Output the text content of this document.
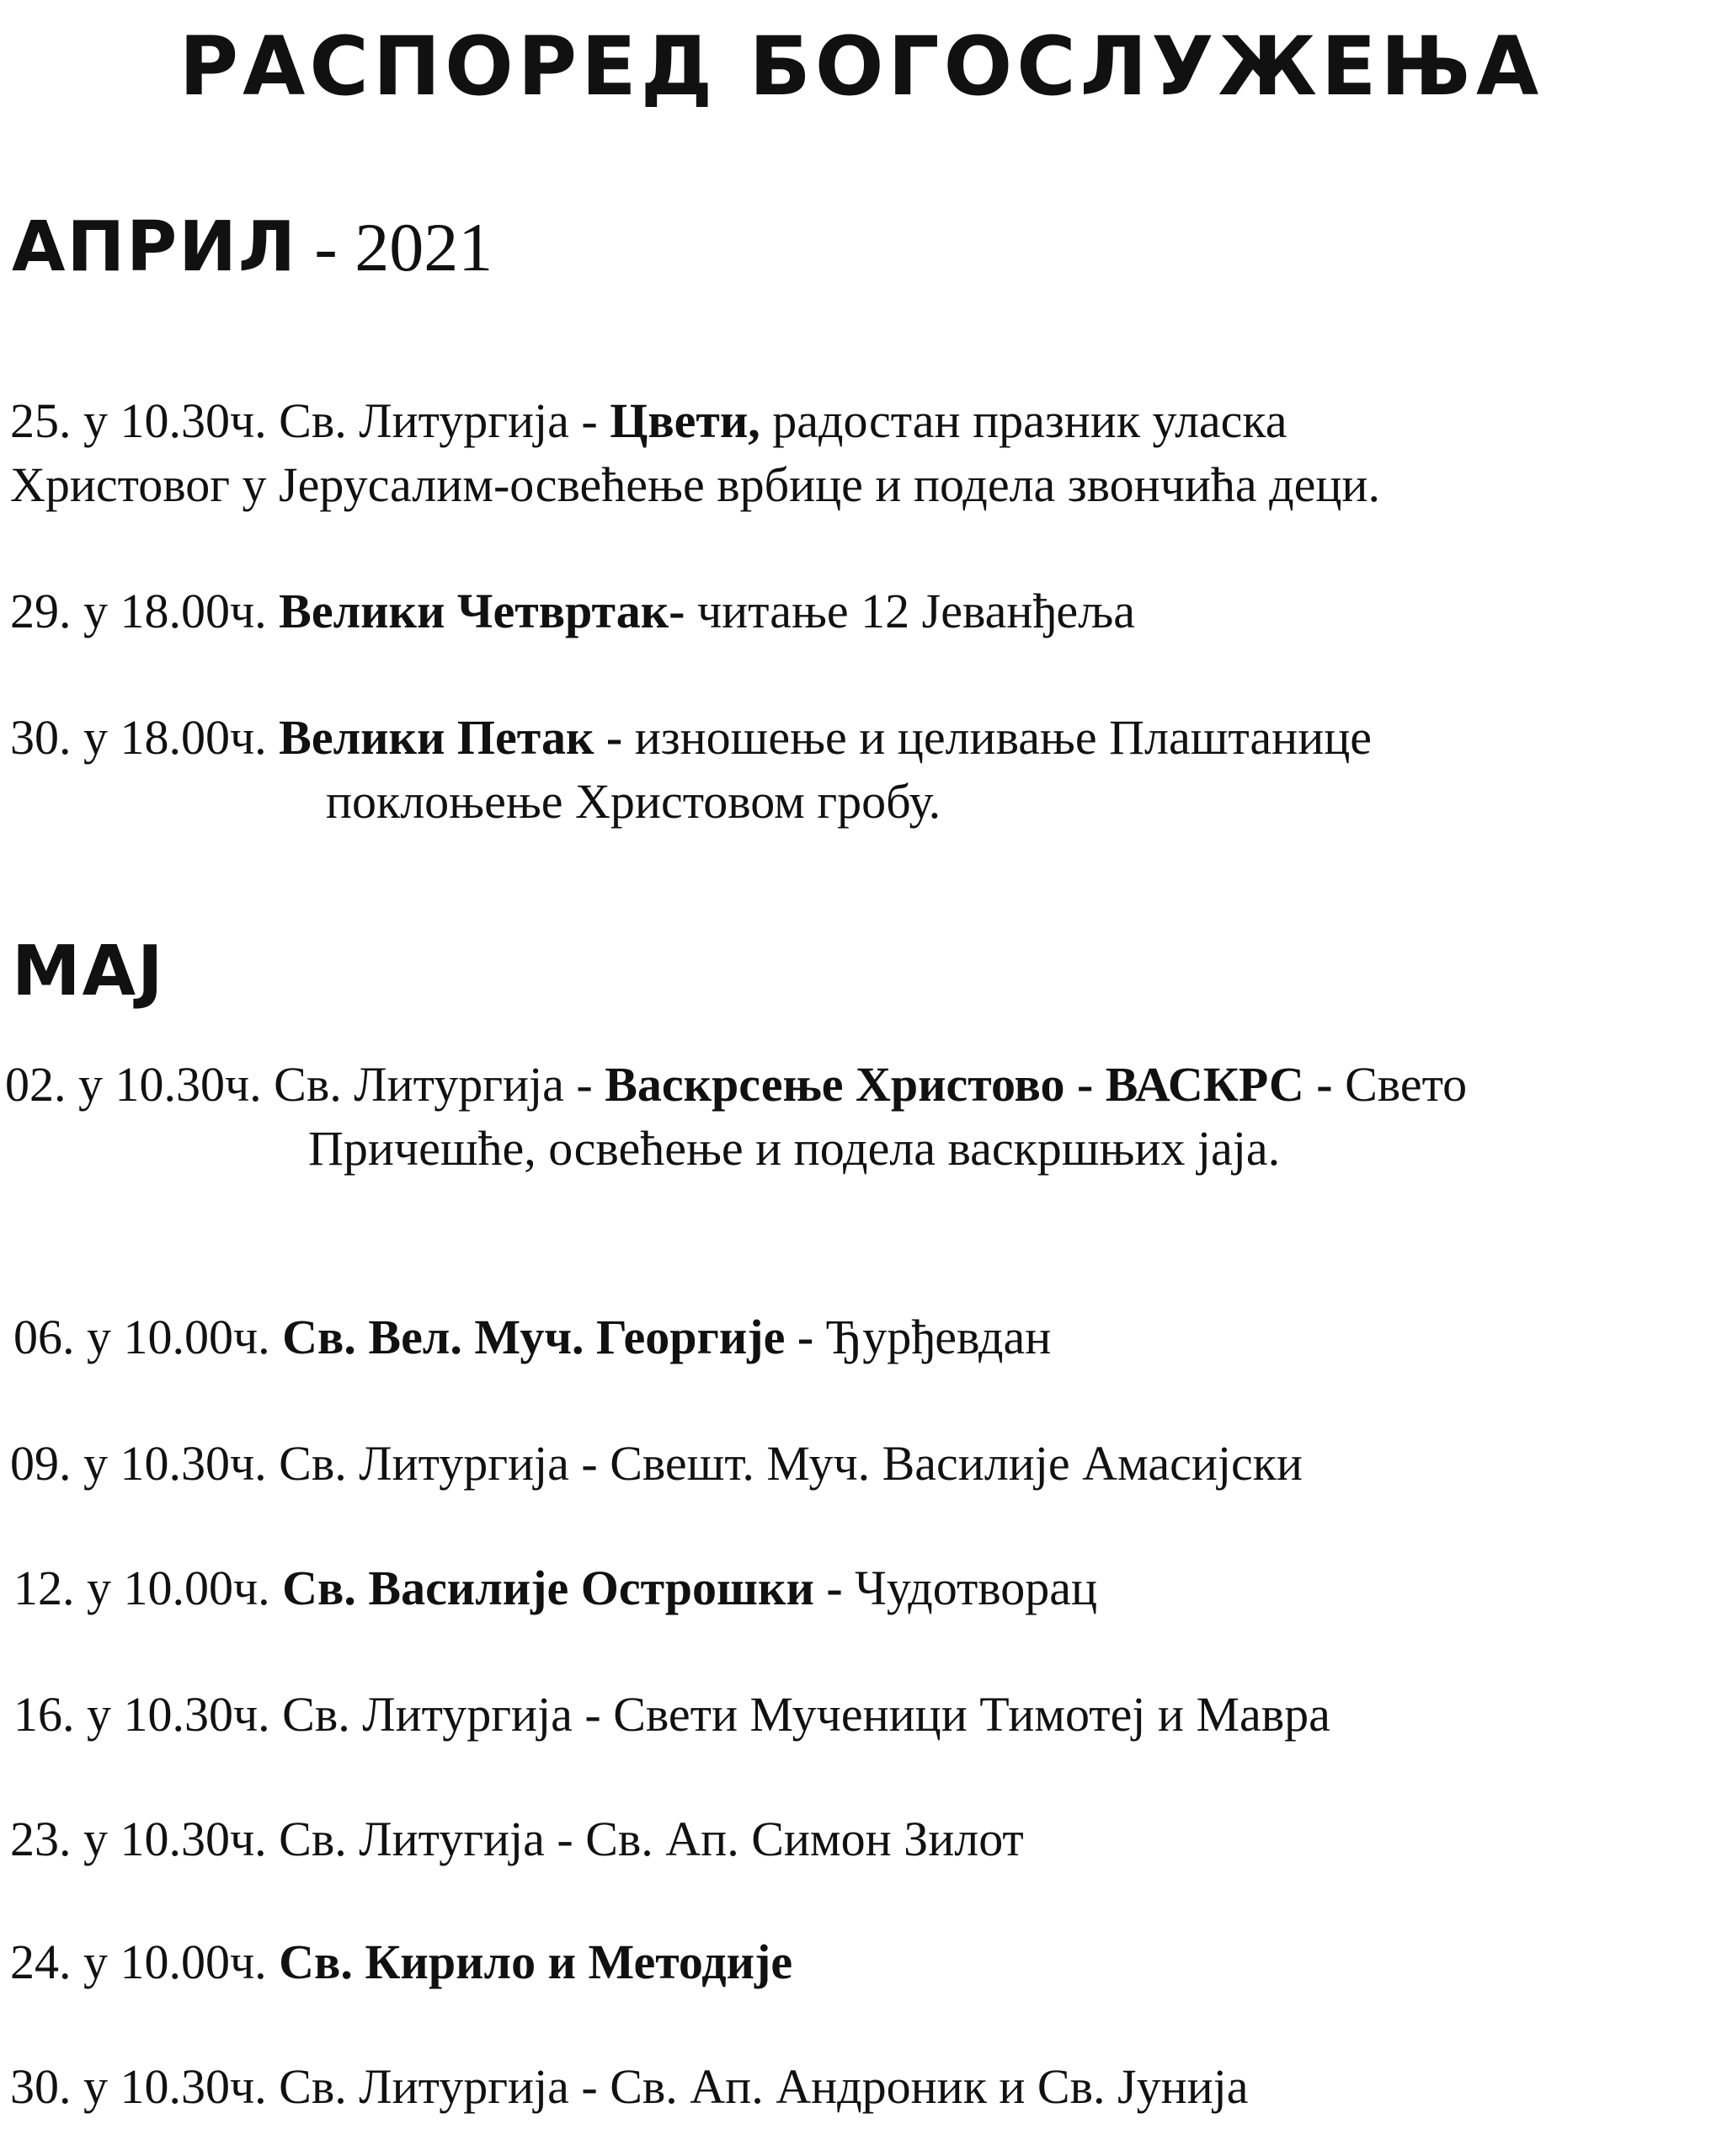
РАСПОРЕД БОГОСЛУЖЕЊА
АПРИЛ - 2021
25. у 10.30ч. Св. Литургија - Цвети, радостан празник уласка
Христовог у Јерусалим-освећење врбице и подела звончића деци.
29. у 18.00ч. Велики Четвртак- читање 12 Јеванђеља
30. у 18.00ч. Велики Петак - изношење и целивање Плаштанице
поклоњење Христовом гробу.
МАЈ
02. у 10.30ч. Св. Литургија - Васкрсење Христово - ВАСКРС - Свето
Причешће, освећење и подела васкршњих јаја.
06. у 10.00ч. Св. Вел. Муч. Георгије - Ђурђевдан
09. у 10.30ч. Св. Литургија - Свешт. Муч. Василије Амасијски
12. у 10.00ч. Св. Василије Острошки - Чудотворац
16. у 10.30ч. Св. Литургија - Свети Мученици Тимотеј и Мавра
23. у 10.30ч. Св. Литугија - Св. Ап. Симон Зилот
24. у 10.00ч. Св. Кирило и Методије
30. у 10.30ч. Св. Литургија - Св. Ап. Андроник и Св. Јунија
